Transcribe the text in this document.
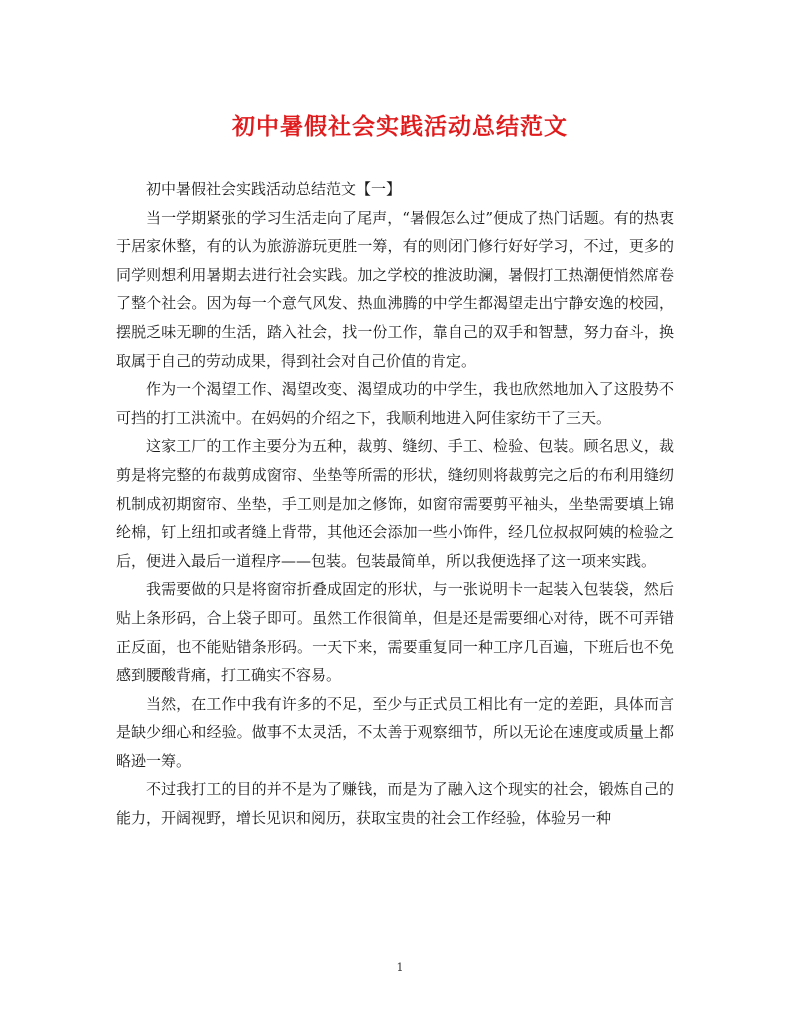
初中暑假社会实践活动总结范文

初中暑假社会实践活动总结范文【一】

当一学期紧张的学习生活走向了尾声，“暑假怎么过”便成了热门话题。有的热衷于居家休整，有的认为旅游游玩更胜一筹，有的则闭门修行好好学习，不过，更多的同学则想利用暑期去进行社会实践。加之学校的推波助澜，暑假打工热潮便悄然席卷了整个社会。因为每一个意气风发、热血沸腾的中学生都渴望走出宁静安逸的校园，摆脱乏味无聊的生活，踏入社会，找一份工作，靠自己的双手和智慧，努力奋斗，换取属于自己的劳动成果，得到社会对自己价值的肯定。

作为一个渴望工作、渴望改变、渴望成功的中学生，我也欣然地加入了这股势不可挡的打工洪流中。在妈妈的介绍之下，我顺利地进入阿佳家纺干了三天。

这家工厂的工作主要分为五种，裁剪、缝纫、手工、检验、包装。顾名思义，裁剪是将完整的布裁剪成窗帘、坐垫等所需的形状，缝纫则将裁剪完之后的布利用缝纫机制成初期窗帘、坐垫，手工则是加之修饰，如窗帘需要剪平袖头，坐垫需要填上锦纶棉，钉上纽扣或者缝上背带，其他还会添加一些小饰件，经几位叔叔阿姨的检验之后，便进入最后一道程序——包装。包装最简单，所以我便选择了这一项来实践。

我需要做的只是将窗帘折叠成固定的形状，与一张说明卡一起装入包装袋，然后贴上条形码，合上袋子即可。虽然工作很简单，但是还是需要细心对待，既不可弄错正反面，也不能贴错条形码。一天下来，需要重复同一种工序几百遍，下班后也不免感到腰酸背痛，打工确实不容易。

当然，在工作中我有许多的不足，至少与正式员工相比有一定的差距，具体而言是缺少细心和经验。做事不太灵活，不太善于观察细节，所以无论在速度或质量上都略逊一筹。

不过我打工的目的并不是为了赚钱，而是为了融入这个现实的社会，锻炼自己的能力，开阔视野，增长见识和阅历，获取宝贵的社会工作经验，体验另一种

1
